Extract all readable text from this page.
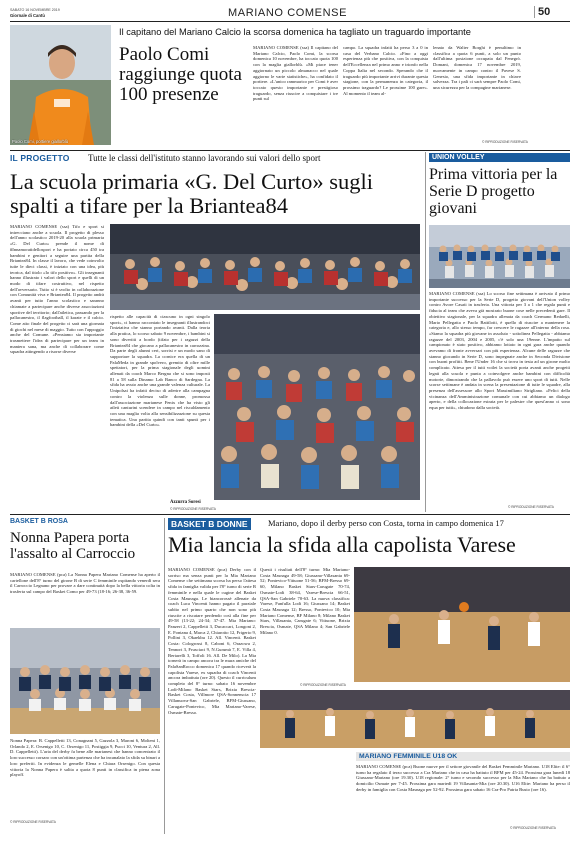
SABATO 16 NOVEMBRE 2019
Giornale di Cantù	MARIANO COMENSE	50
Paolo Comi, portiere giallorblù
Il capitano del Mariano Calcio la scorsa domenica ha tagliato un traguardo importante
Paolo Comi raggiunge quota 100 presenze
MARIANO COMENSE (ssa) Il capitano del Mariano Calcio, Paolo Comi, la scorsa domenica 10 novembre, ha toccato quota 100 con la maglia giallorblù. «Mi piace tener aggiornato un piccolo almanacco nel quale aggiorno le varie statistiche», ha confidato il portiere. «L'unico rammarico per Comi è aver toccato questo importante e prestigioso traguardo, senza riuscire a conquistare i tre punti sul
campo. La squadra infatti ha perso 3 a 0 in casa del Verbano Calcio. «Fino a oggi esperienza più che positiva, con la conquista dell'Eccellenza nel primo anno e trionfo nella Coppa Italia nel secondo. Sperando che il traguardo più importante arrivi durante questa stagione, con la permanenza in categoria, il prossimo traguardo? Le prossime 100 gare». Al momento il team al-
lenato da Walter Borghi è penultimo in classifica a quota 6 punti, a solo un punto dall'ultima posizione occupata dal Fenegrò. Domani, domenica 17 novembre 2019, nuovamente in campo contro il Pavese S. Genesio, una sfida importante in chiave salvezza. Tra i pali ci sarà sempre Paolo Comi, una sicurezza per la compagine marianese.
© RIPRODUZIONE RISERVATA
IL PROGETTO Tutte le classi dell'istituto stanno lavorando sui valori dello sport
La scuola primaria «G. Del Curto» sugli spalti a tifare per la Briantea84
MARIANO COMENSE (ssa) Tifo e sport si intrecciano anche a scuola. Il progetto di plesso dell'anno scolastico 2019-20 alla scuola primaria «G. Del Curto» prende il nome di #Innamoratidellosport e ha portato circa 450 tra bambini e genitori a seguire una partita della Briantea84. In classe il lavoro, che vede coinvolto tutte le dieci classi, è iniziato con una idea, più teorica, dal titolo «Io tifo positivo». Gli insegnanti hanno illustrato i valori dello sport e quelli di un modo di tifare costruttivo, nel rispetto dell'avversario. Tutto si è svolto in collaborazione con Comunità viva e Briantea84. Il progetto andrà avanti per tutto l'anno scolastico e saranno chiamate a partecipare anche diverse associazioni sportive del territorio; dall'atletica, passando per la pallacanestro, il flagfootball, il karate e il calcio. Come atto finale del progetto ci sarà una giornata di giochi nel mese di maggio. Tutto con l'appoggio anche del Comune. «Pensiamo sia importante trasmettere l'idea di partecipare per un team in maniera sana, ma anche di collaborare come squadra attingendo a risorse diverse
rispetto alle capacità di ciascuno in ogni singolo sport», ci hanno raccontato le insegnanti illustrandoci l'iniziativa che stanno portando avanti. Dalla teoria alla pratica, lo scorso sabato 9 novembre, i bambini si sono divertiti a bordo (tifato per i ragazzi della Briantea84 che giocano a pallacanestro in carrozzina. Da parte degli alunni ceri, sorrisi e un modo sano di supportare la squadra. La cornice era quella di un PalaMeda in grande spolvero, gremito di oltre mille spettatori, per la prima stagionale degli uomini allenati da coach Marco Bergna che si sono imposti 81 a 58 sulla Dinamo Lab Banco di Sardegna. La sfida ha avuto anche una grande valenza culturale. La Unipolsai ha infatti deciso di aderire alla campagna contro la violenza sulle donne, promossa dall'associazione marianese Fenix che ha visto gli atleti canturini scendere in campo nel riscaldamento con una maglia volta alla sensibilizzazione su questa tematica. Una partita quindi con tanti spunti per i bambini della «Del Curto».
Azzurra Soresi
© RIPRODUZIONE RISERVATA
UNION VOLLEY
Prima vittoria per la Serie D progetto giovani
MARIANO COMENSE (ssa) Lo scorso fine settimana è arrivato il primo importante successo per la Serie D, progetto giovani dell'Union volley contro Avore Casati in trasferta. Una vittoria per 3 a 1 che regala punti e fiducia al team che aveva già mostrato buone cose nelle precedenti gare. Il obiettivo stagionale, per la squadra allenata da coach Germano Redaelli, Mario Pellegatta e Paolo Battilotti, è quello di riuscire a mantenere la categoria e, allo stesso tempo, far crescere le ragazze all'interno della rosa. «Siamo la squadra più giovane in assoluto - sottolinea Pellegatta - abbiamo ragazze del 2003, 2004 e 2005, c'è solo una 19enne. L'impatto sul campionato è stato positivo, abbiamo lottato in ogni gara anche quando avevamo di fronte avversari con più esperienza. Alcune delle ragazze che stanno giocando in Serie D, sono impegnate anche in Seconda Divisione con buoni profitti. Bene l'Under 16 che si trova in testa ad un girone molto complicato. Attesa per il tutti voilet la società porta avanti anche progetti legati alla scuola e punta a coinvolgere anche bambini con difficoltà motorie, dimostrando che la pallavolo può essere uno sport di tutti. Nelle scorse settimane è andata in scena la presentazione di tutte le squadre, alla presenza dell'assessore allo Sport Massimiliano Strigliano. «Felici della vicinanza dell'Amministrazione comunale con cui abbiamo un dialogo aperto, e della collocazione estrata per le palestre che quest'anno ci sono equa per tutti», chiudono dalla società.
© RIPRODUZIONE RISERVATA
BASKET B ROSA
Nonna Papera porta l'assalto al Carroccio
MARIANO COMENSE (pca) La Nonna Papera Mariano Comense ha aperto il cartellone dell'8° turno del girone B di serie C femminile ospitando venerdì sera il Carroccio Legnano per provare a dare continuità dopo la bella vittoria colta in trasferta sul campo del Basket Como per 49-73 (18-16; 26-38, 36-59.
Nonna Papera: B. Cappelletti 13, Conagnani 5, Gazzola 3, Maroni 6, Molteni 1, Orlando 2, E. Orsenigo 10, C. Orsenigo 11, Postiggia 9, Pucci 10, Ventura 2, All. D. Cappelletti). L'aria del derby fa bene alle marianesi che hanno concentrato il loro successo corsaro con un'ottima partenza che ha incanalato la sfida su binari a loro preferiti. In evidenza le gemelle Elena e Chiara Orsenigo. Con questa vittoria la Nonna Papera è salita a quota 8 punti in classifica in piena zona playoff.
© RIPRODUZIONE RISERVATA
BASKET B DONNE	Mariano, dopo il derby perso con Costa, torna in campo domenica 17
Mia lancia la sfida alla capolista Varese
MARIANO COMENSE (pca) Derby con il sorriso ma senza punti per la Mia Mariano Comense che settimana scorsa ha perso l'attesa sfida in famiglia valida per l'8° turno di serie B femminile e nella quale le cugine del Basket Costa Masnaga. Le biancorossè allenate da coach Luca Vincenti hanno pagato il parziale subìto nel primo quarto che non sono più riuscite a riscatare perdendo così alla fine per 49-58 (13-22; 24-34; 37-47. Mia Mariano: Panzeri 2, Cappelletti 3, Ducaccari, Longoni 2, E. Fontana 4, Marca 2, Chiarotto 12, Frigerio 9, Pollini 3, Okaekbu 12. All. Vincenti. Basket Costa: Cologrossi 8, Caboni 6, Orazowa 2, Tennort 3, Frusciaci 9, N.Gurumà 7, E. Villa 4, Bertarelli 3, Toffoli 16. All. De Milo). La Mia tornerà in campo ancora tra le mura amiche del PalaSanRocco domenica 17 quando riceverà la capolista Varese, ex squadra di coach Vincenti ancora imbattuta (ore 20). Questo il curriculum completo del 8° turno: sabato 16 novembre Lodi-Milano Basket Stars, Brixia Brescia-Basket Costa, Villmore QSA-Sonnenscia 17 Villanuova-San Gabriele, BFM-Giussano, Carugate-Pontevico, Mia Mariano-Varese, Osmate-Bresso.
Questi i risultati dell'8° turno: Mia Mariano-Costa Masnaga 49-58; Giussano-Villasanta 69-52; Pontevico-Vittuone 51-56; BFM-Bresso 69-60, Milano Basket Stars-Carugate 70-74, Osmate-Lodi 38-64, Varese-Brescia 66-51, QSA-San Gabriele 70-63. La nuova classifica: Varese, Fanfulla Lodi 16; Giussano 14; Basket Costa Masnaga 12; Bresso, Pontevico 10; Mia Mariano Comense, BF Milano 8; Milano Basket Stars, Villasanta, Carugate 6; Vittuone, Brixia Brescia, Osmate, QSA Milano 4; San Gabriele Milano 0.
© RIPRODUZIONE RISERVATA
MARIANO FEMMINILE U18 OK
MARIANO COMENSE (pca) Buone nuove per il settore giovanile del Basket Femminile Mariano. U18 Elite: il 6° turno ha regalato il terzo successo a Cra Mariano che in casa ha battuto il BFM per 45-24. Prossima gara lunedì 18 Giussano-Mariano (ore 19.30). U18 regionale: 2° turno e secondo successo per la Mia Mariano che ha battuto a domicilio Osmate per 7-45. Prossima gara martedì 19 Villasanta-Mia (ore 20.30). U16 Elite: Mariano ha perso il derby in famiglia con Costa Masnaga per 52-92. Prossima gara sabato 16 Cra-Pro Patria Busto (ore 16).
© RIPRODUZIONE RISERVATA
